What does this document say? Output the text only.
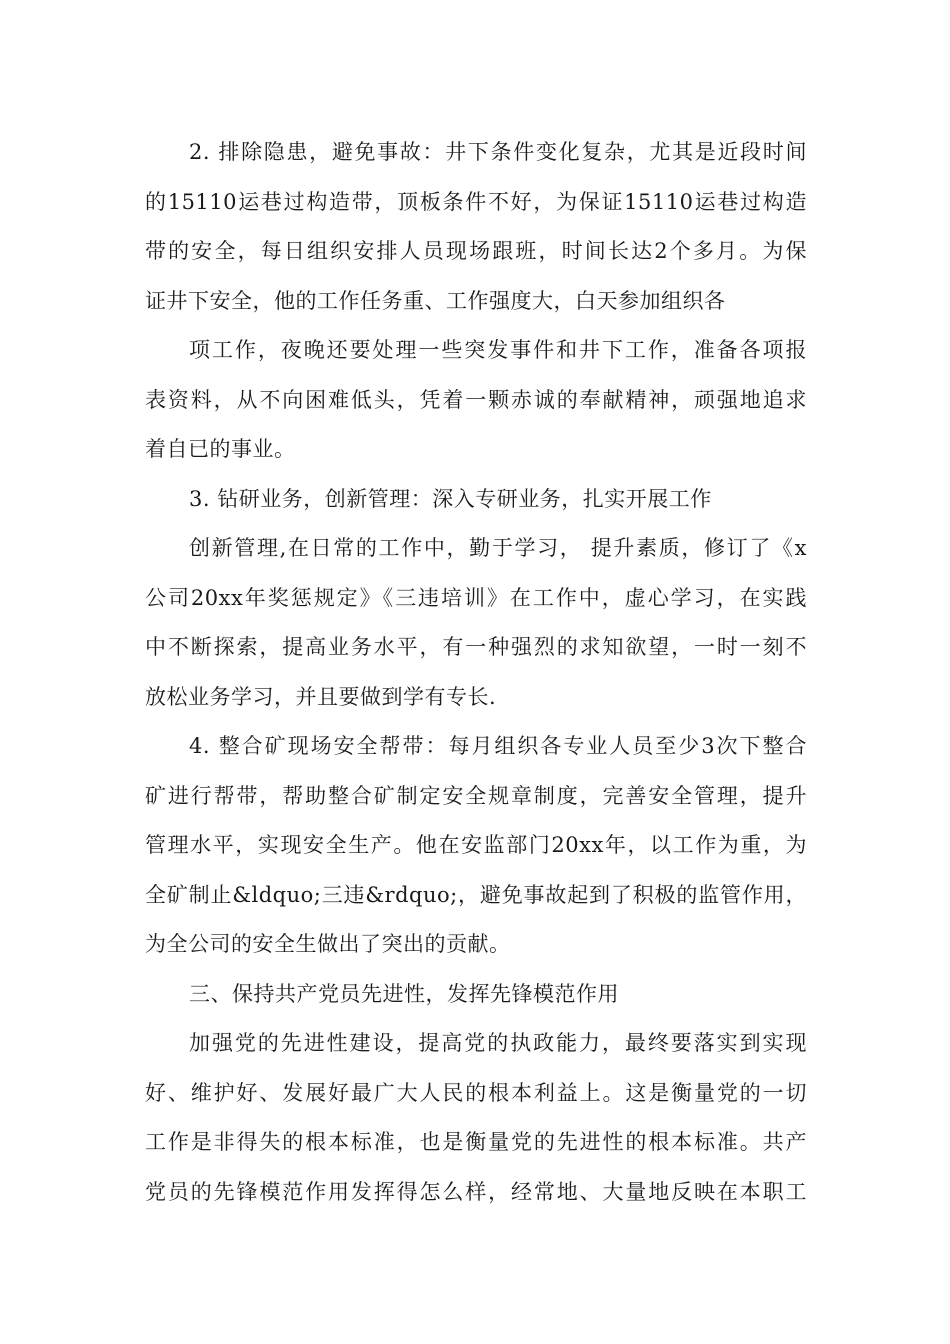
2. 排除隐患，避免事故：井下条件变化复杂，尤其是近段时间
的15110运巷过构造带，顶板条件不好，为保证15110运巷过构造
带的安全，每日组织安排人员现场跟班，时间长达2个多月。为保
证井下安全，他的工作任务重、工作强度大，白天参加组织各
项工作，夜晚还要处理一些突发事件和井下工作，准备各项报
表资料，从不向困难低头，凭着一颗赤诚的奉献精神，顽强地追求
着自已的事业。
3. 钻研业务，创新管理：深入专研业务，扎实开展工作
创新管理,在日常的工作中，勤于学习， 提升素质，修订了《x
公司20xx年奖惩规定》《三违培训》在工作中，虚心学习，在实践
中不断探索，提高业务水平，有一种强烈的求知欲望，一时一刻不
放松业务学习，并且要做到学有专长.
4. 整合矿现场安全帮带：每月组织各专业人员至少3次下整合
矿进行帮带，帮助整合矿制定安全规章制度，完善安全管理，提升
管理水平，实现安全生产。他在安监部门20xx年，以工作为重，为
全矿制止&ldquo;三违&rdquo;，避免事故起到了积极的监管作用，
为全公司的安全生做出了突出的贡献。
三、保持共产党员先进性，发挥先锋模范作用
加强党的先进性建设，提高党的执政能力，最终要落实到实现
好、维护好、发展好最广大人民的根本利益上。这是衡量党的一切
工作是非得失的根本标准，也是衡量党的先进性的根本标准。共产
党员的先锋模范作用发挥得怎么样，经常地、大量地反映在本职工
